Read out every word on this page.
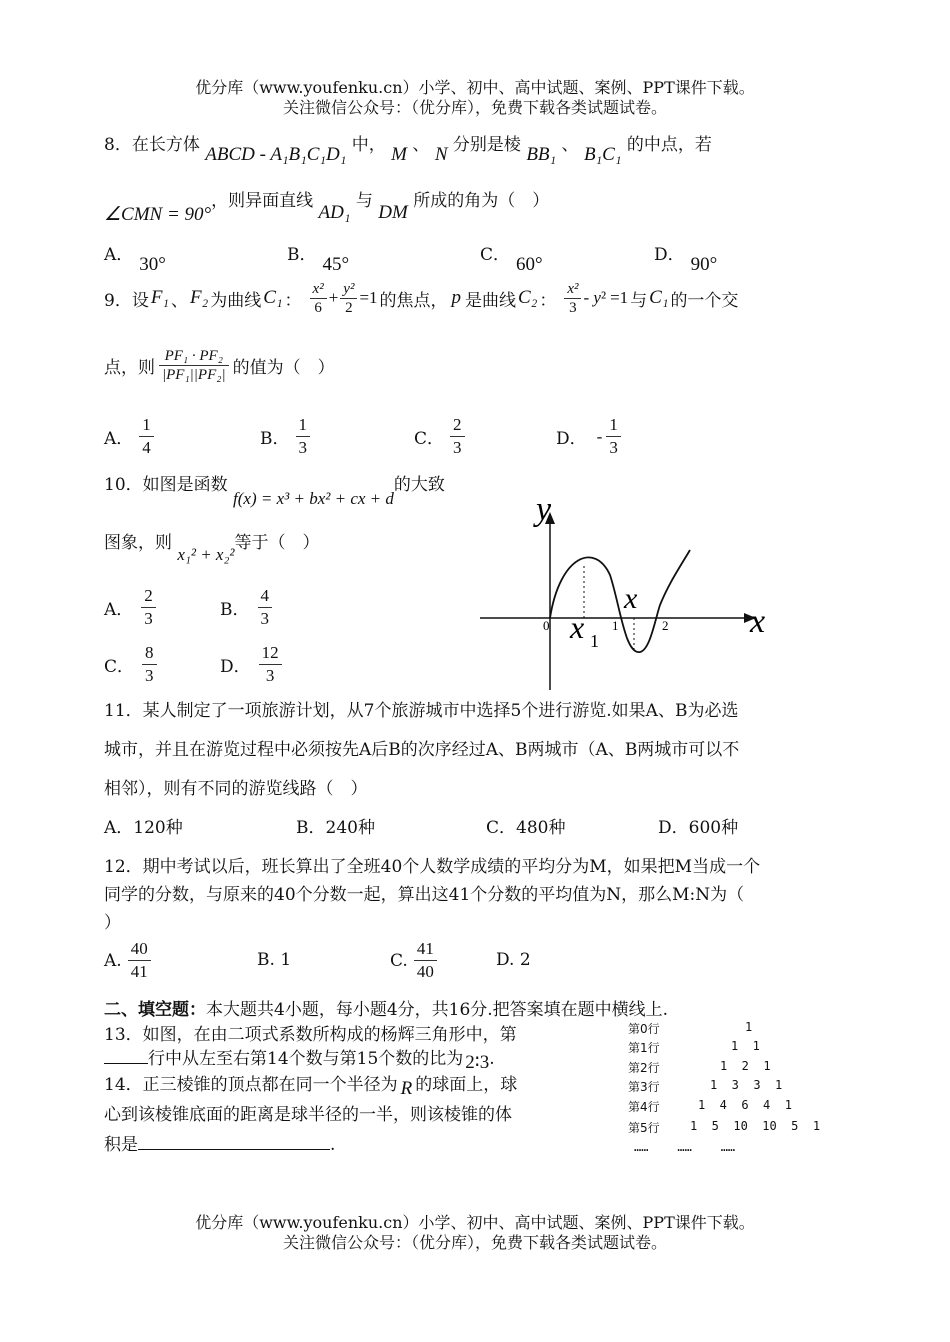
优分库（www.youfenku.cn）小学、初中、高中试题、案例、PPT课件下载。
关注微信公众号：（优分库），免费下载各类试题试卷。
8．在长方体 ABCD - A₁B₁C₁D₁ 中， M 、 N 分别是棱 BB₁ 、 B₁C₁ 的中点，若
∠CMN = 90°，则异面直线 AD₁ 与 DM 所成的角为（　）
A． 30°	B． 45°	C． 60°	D． 90°
9． 设 F₁ 、 F₂ 为曲线 C₁ ： $\frac{\text{x²}}{6} + \frac{\text{y²}}{2} =1$ 的焦点， p 是曲线 C₂ ： $\frac{\text{x²}}{3} - y^2 =1$ 与 C₁ 的一个交
点，则 $\frac{\text{PF₁ · PF₂}}{\text{|PF₁||PF₂|}}$ 的值为（　）
A． $\frac{1}{4}$	B． $\frac{1}{3}$	C． $\frac{2}{3}$	D． - $\frac{1}{3}$
10．如图是函数 f(x) = x³ + bx² + cx + d的大致
图象，则 x₁² + x₂²等于（　）
A． $\frac{2}{3}$	B． $\frac{4}{3}$
C． $\frac{8}{3}$	D． $\frac{12}{3}$
y
x
0	1	2
x 1
x
11．某人制定了一项旅游计划，从7个旅游城市中选择5个进行游览.如果A、B为必选
城市，并且在游览过程中必须按先A后B的次序经过A、B两城市（A、B两城市可以不
相邻），则有不同的游览线路（　）
A．120种	B．240种	C．480种	D．600种
12．期中考试以后，班长算出了全班40个人数学成绩的平均分为M，如果把M当成一个
同学的分数，与原来的40个分数一起，算出这41个分数的平均值为N，那么M:N为（
）
A. $\frac{40}{41}$	B. 1	C. $\frac{41}{40}$	D. 2
二、填空题：本大题共4小题，每小题4分，共16分.把答案填在题中横线上.
13．如图，在由二项式系数所构成的杨辉三角形中，第
行中从左至右第14个数与第15个数的比为 2∶3.
14．正三棱锥的顶点都在同一个半径为 R 的球面上，球
心到该棱锥底面的距离是球半径的一半，则该棱锥的体
积是	.
第0行	1
第1行	1  1
第2行	1  2  1
第3行	1  3  3  1
第4行	1  4  6  4  1
第5行	1  5  10  10  5  1
……    ……    ……
优分库（www.youfenku.cn）小学、初中、高中试题、案例、PPT课件下载。
关注微信公众号：（优分库），免费下载各类试题试卷。
